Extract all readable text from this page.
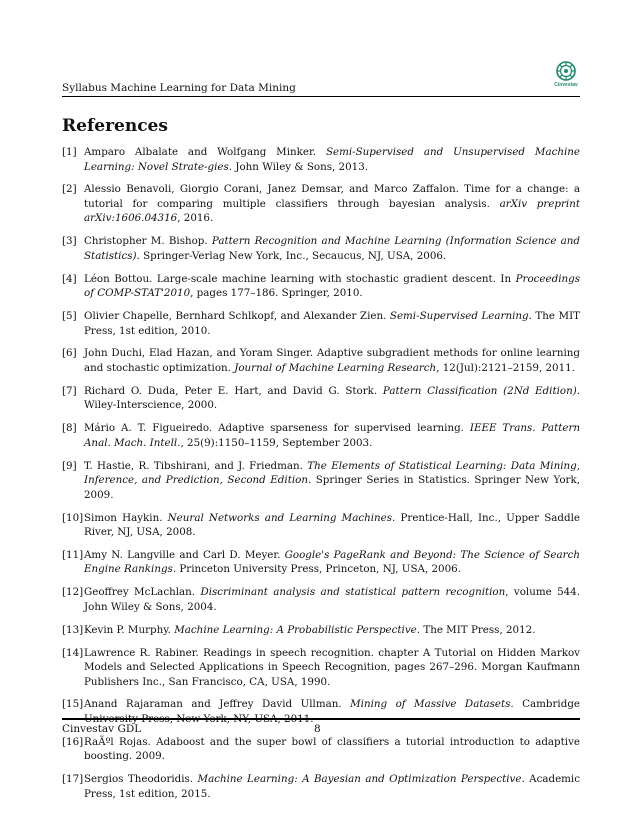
Syllabus Machine Learning for Data Mining	Cinvestav
References
[1] Amparo Albalate and Wolfgang Minker. Semi-Supervised and Unsupervised Machine Learning: Novel Strate-gies. John Wiley & Sons, 2013.
[2] Alessio Benavoli, Giorgio Corani, Janez Demsar, and Marco Zaffalon. Time for a change: a tutorial for comparing multiple classifiers through bayesian analysis. arXiv preprint arXiv:1606.04316, 2016.
[3] Christopher M. Bishop. Pattern Recognition and Machine Learning (Information Science and Statistics). Springer-Verlag New York, Inc., Secaucus, NJ, USA, 2006.
[4] Léon Bottou. Large-scale machine learning with stochastic gradient descent. In Proceedings of COMP-STAT'2010, pages 177–186. Springer, 2010.
[5] Olivier Chapelle, Bernhard Schlkopf, and Alexander Zien. Semi-Supervised Learning. The MIT Press, 1st edition, 2010.
[6] John Duchi, Elad Hazan, and Yoram Singer. Adaptive subgradient methods for online learning and stochastic optimization. Journal of Machine Learning Research, 12(Jul):2121–2159, 2011.
[7] Richard O. Duda, Peter E. Hart, and David G. Stork. Pattern Classification (2Nd Edition). Wiley-Interscience, 2000.
[8] Mário A. T. Figueiredo. Adaptive sparseness for supervised learning. IEEE Trans. Pattern Anal. Mach. Intell., 25(9):1150–1159, September 2003.
[9] T. Hastie, R. Tibshirani, and J. Friedman. The Elements of Statistical Learning: Data Mining, Inference, and Prediction, Second Edition. Springer Series in Statistics. Springer New York, 2009.
[10] Simon Haykin. Neural Networks and Learning Machines. Prentice-Hall, Inc., Upper Saddle River, NJ, USA, 2008.
[11] Amy N. Langville and Carl D. Meyer. Google's PageRank and Beyond: The Science of Search Engine Rankings. Princeton University Press, Princeton, NJ, USA, 2006.
[12] Geoffrey McLachlan. Discriminant analysis and statistical pattern recognition, volume 544. John Wiley & Sons, 2004.
[13] Kevin P. Murphy. Machine Learning: A Probabilistic Perspective. The MIT Press, 2012.
[14] Lawrence R. Rabiner. Readings in speech recognition. chapter A Tutorial on Hidden Markov Models and Selected Applications in Speech Recognition, pages 267–296. Morgan Kaufmann Publishers Inc., San Francisco, CA, USA, 1990.
[15] Anand Rajaraman and Jeffrey David Ullman. Mining of Massive Datasets. Cambridge University Press, New York, NY, USA, 2011.
[16] RaÃºl Rojas. Adaboost and the super bowl of classifiers a tutorial introduction to adaptive boosting. 2009.
[17] Sergios Theodoridis. Machine Learning: A Bayesian and Optimization Perspective. Academic Press, 1st edition, 2015.
Cinvestav GDL	8
